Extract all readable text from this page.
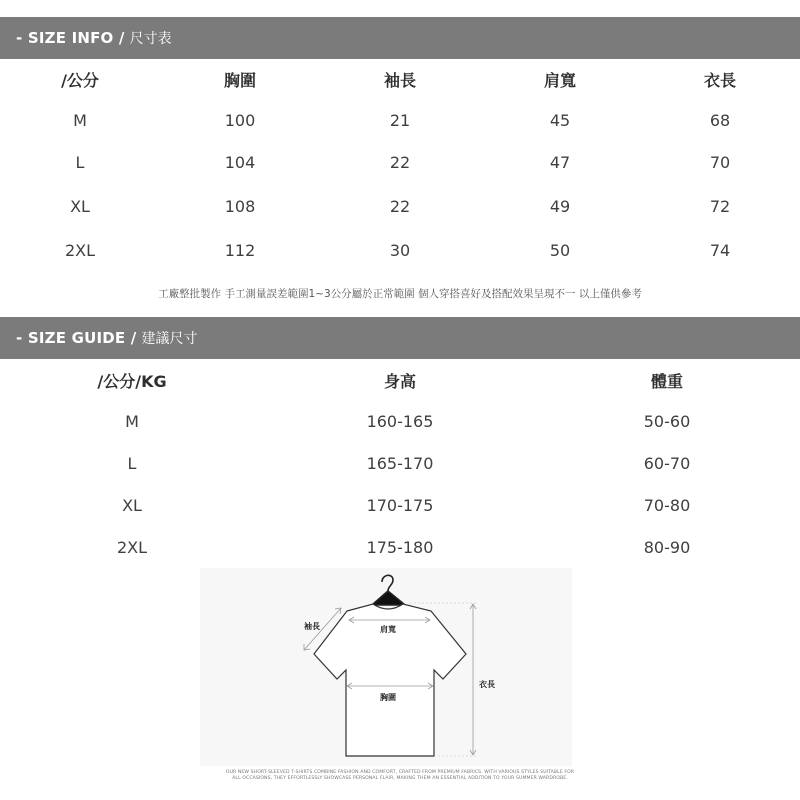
- SIZE INFO / 尺寸表
/公分	胸圍	袖長	肩寬	衣長
M	100	21	45	68
L	104	22	47	70
XL	108	22	49	72
2XL	112	30	50	74
工廠整批製作 手工測量誤差範圍1~3公分屬於正常範圍 個人穿搭喜好及搭配效果呈現不一 以上僅供參考
- SIZE GUIDE / 建議尺寸
/公分/KG	身高	體重
M	160-165	50-60
L	165-170	60-70
XL	170-175	70-80
2XL	175-180	80-90
袖長	肩寬
胸圍
衣長
OUR NEW SHORT-SLEEVED T-SHIRTS COMBINE FASHION AND COMFORT, CRAFTED FROM PREMIUM FABRICS. WITH VARIOUS STYLES SUITABLE FOR
ALL OCCASIONS, THEY EFFORTLESSLY SHOWCASE PERSONAL FLAIR, MAKING THEM AN ESSENTIAL ADDITION TO YOUR SUMMER WARDROBE.
